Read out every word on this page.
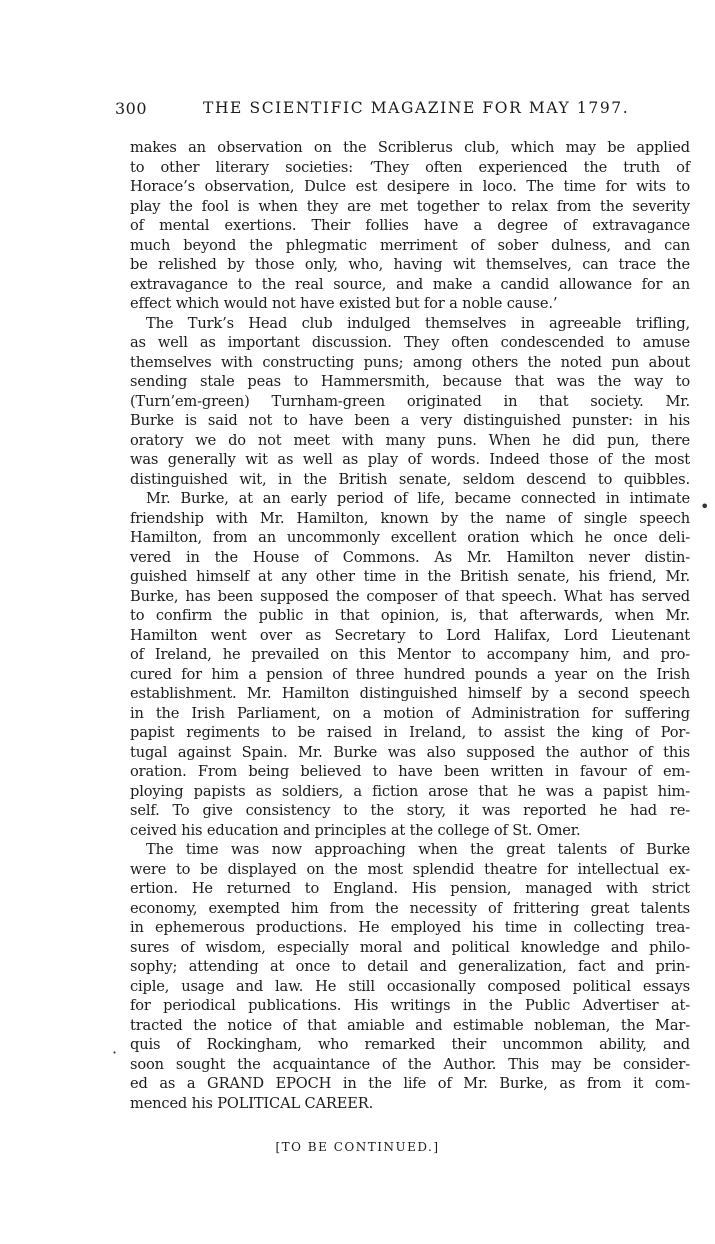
300	THE SCIENTIFIC MAGAZINE FOR MAY 1797.
makes an observation on the Scriblerus club, which may be applied
to other literary societies: ‘They often experienced the truth of
Horace’s observation, Dulce est desipere in loco. The time for wits to
play the fool is when they are met together to relax from the severity
of mental exertions. Their follies have a degree of extravagance
much beyond the phlegmatic merriment of sober dulness, and can
be relished by those only, who, having wit themselves, can trace the
extravagance to the real source, and make a candid allowance for an
effect which would not have existed but for a noble cause.’
The Turk’s Head club indulged themselves in agreeable trifling,
as well as important discussion. They often condescended to amuse
themselves with constructing puns; among others the noted pun about
sending stale peas to Hammersmith, because that was the way to
(Turn’em-green) Turnham-green originated in that society. Mr.
Burke is said not to have been a very distinguished punster: in his
oratory we do not meet with many puns. When he did pun, there
was generally wit as well as play of words. Indeed those of the most
distinguished wit, in the British senate, seldom descend to quibbles.
Mr. Burke, at an early period of life, became connected in intimate
friendship with Mr. Hamilton, known by the name of single speech
Hamilton, from an uncommonly excellent oration which he once deli-
vered in the House of Commons. As Mr. Hamilton never distin-
guished himself at any other time in the British senate, his friend, Mr.
Burke, has been supposed the composer of that speech. What has served
to confirm the public in that opinion, is, that afterwards, when Mr.
Hamilton went over as Secretary to Lord Halifax, Lord Lieutenant
of Ireland, he prevailed on this Mentor to accompany him, and pro-
cured for him a pension of three hundred pounds a year on the Irish
establishment. Mr. Hamilton distinguished himself by a second speech
in the Irish Parliament, on a motion of Administration for suffering
papist regiments to be raised in Ireland, to assist the king of Por-
tugal against Spain. Mr. Burke was also supposed the author of this
oration. From being believed to have been written in favour of em-
ploying papists as soldiers, a fiction arose that he was a papist him-
self. To give consistency to the story, it was reported he had re-
ceived his education and principles at the college of St. Omer.
The time was now approaching when the great talents of Burke
were to be displayed on the most splendid theatre for intellectual ex-
ertion. He returned to England. His pension, managed with strict
economy, exempted him from the necessity of frittering great talents
in ephemerous productions. He employed his time in collecting trea-
sures of wisdom, especially moral and political knowledge and philo-
sophy; attending at once to detail and generalization, fact and prin-
ciple, usage and law. He still occasionally composed political essays
for periodical publications. His writings in the Public Advertiser at-
tracted the notice of that amiable and estimable nobleman, the Mar-
quis of Rockingham, who remarked their uncommon ability, and
soon sought the acquaintance of the Author. This may be consider-
ed as a GRAND EPOCH in the life of Mr. Burke, as from it com-
menced his POLITICAL CAREER.
[TO BE CONTINUED.]
•
·
